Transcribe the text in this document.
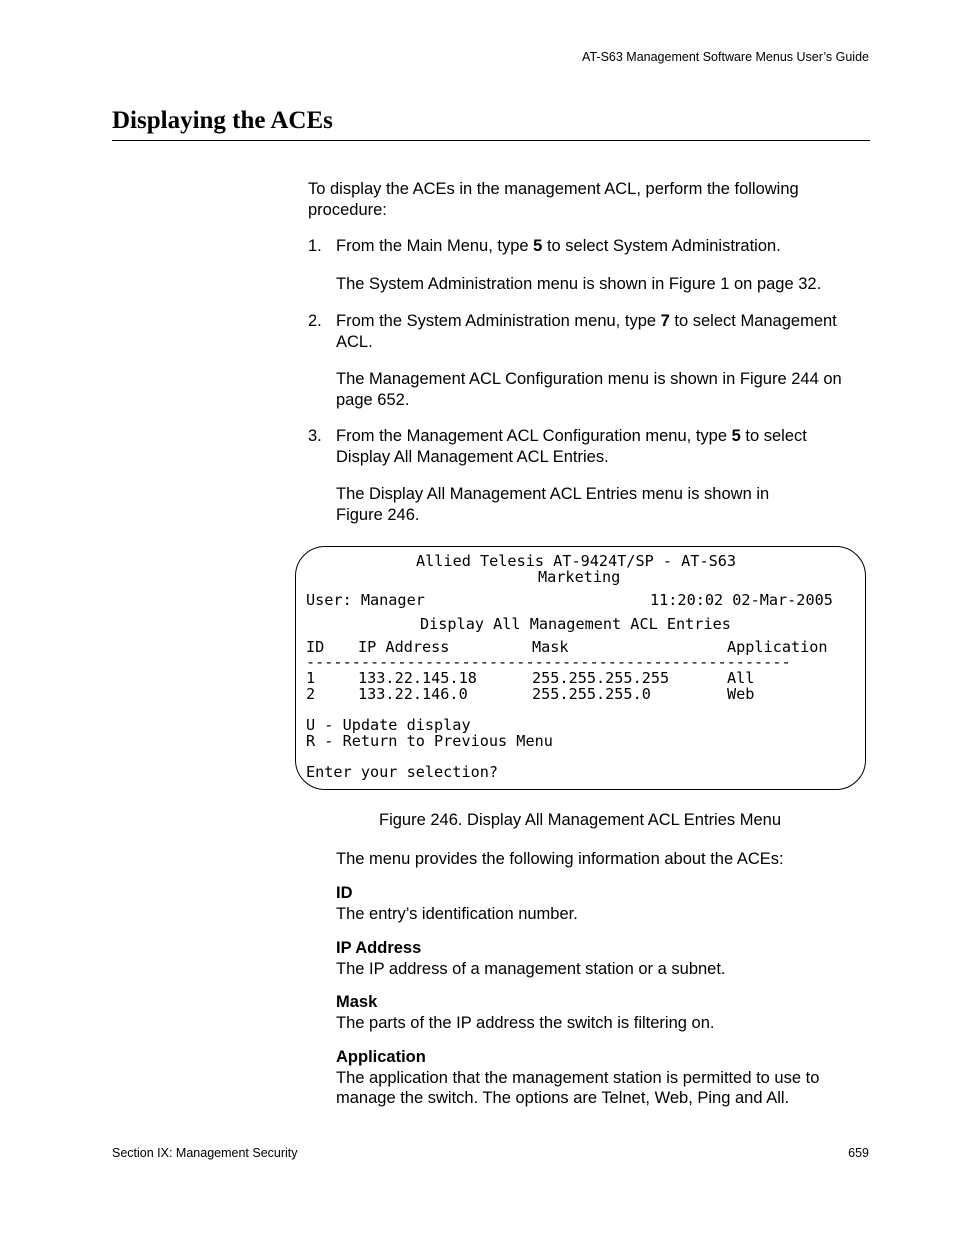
AT-S63 Management Software Menus User’s Guide
Displaying the ACEs

To display the ACEs in the management ACL, perform the following procedure:

1. From the Main Menu, type 5 to select System Administration.

The System Administration menu is shown in Figure 1 on page 32.

2. From the System Administration menu, type 7 to select Management ACL.

The Management ACL Configuration menu is shown in Figure 244 on page 652.

3. From the Management ACL Configuration menu, type 5 to select Display All Management ACL Entries.

The Display All Management ACL Entries menu is shown in Figure 246.

Allied Telesis AT-9424T/SP - AT-S63
Marketing
User: Manager	11:20:02 02-Mar-2005
Display All Management ACL Entries
ID IP Address	Mask	Application
-----------------------------------------------------
1	133.22.145.18	255.255.255.255	All
2	133.22.146.0	255.255.255.0	Web
U - Update display
R - Return to Previous Menu
Enter your selection?
Figure 246. Display All Management ACL Entries Menu

The menu provides the following information about the ACEs:

ID
The entry’s identification number.
IP Address
The IP address of a management station or a subnet.
Mask
The parts of the IP address the switch is filtering on.
Application
The application that the management station is permitted to use to manage the switch. The options are Telnet, Web, Ping and All.
Section IX: Management Security	659
